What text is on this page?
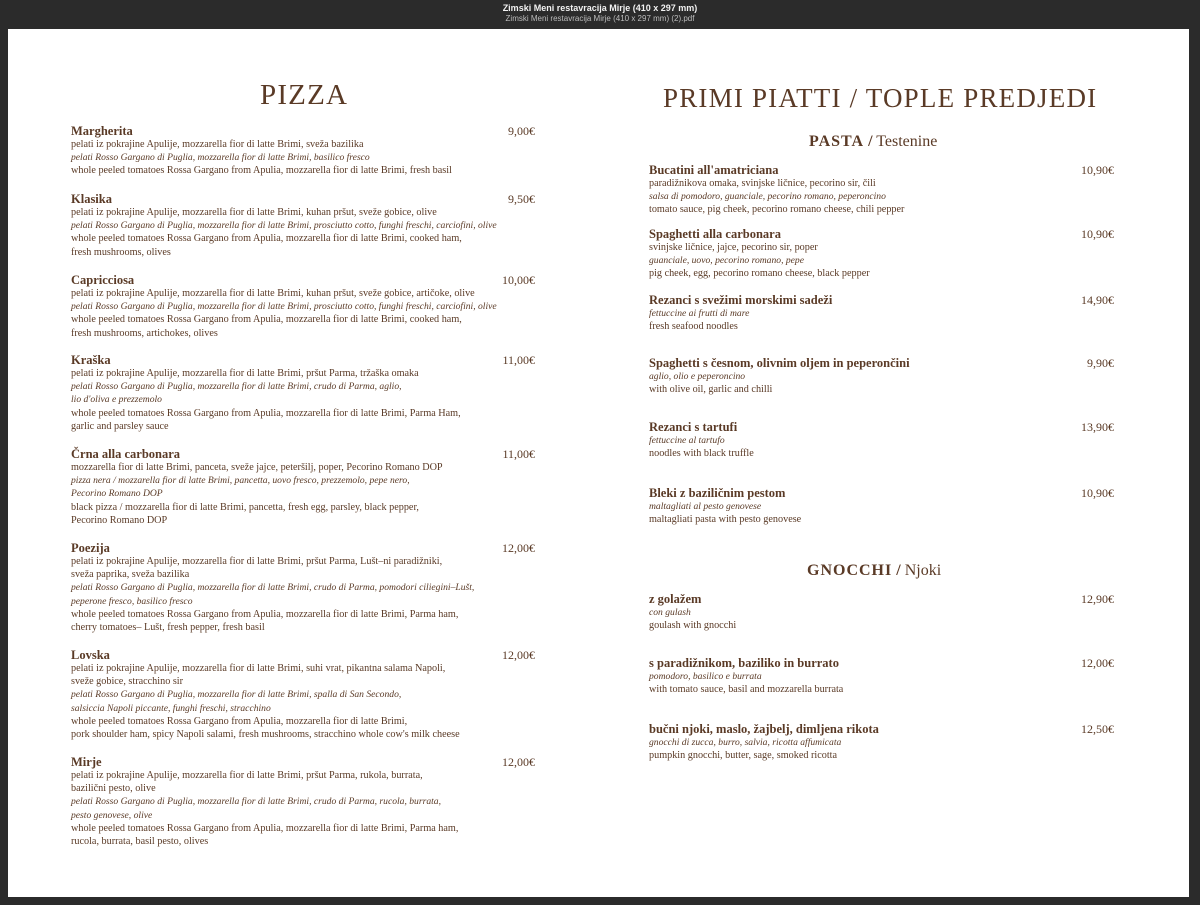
Zimski Meni restavracija Mirje (410 x 297 mm)
Zimski Meni restavracija Mirje (410 x 297 mm) (2).pdf
PIZZA	PRIMI PIATTI / TOPLE PREDJEDI
PASTA / Testenine
GNOCCHI / Njoki
Margherita	9,00€
pelati iz pokrajine Apulije, mozzarella fior di latte Brimi, sveža bazilika
pelati Rosso Gargano di Puglia, mozzarella fior di latte Brimi, basilico fresco
whole peeled tomatoes Rossa Gargano from Apulia, mozzarella fior di latte Brimi, fresh basil
Klasika	9,50€
pelati iz pokrajine Apulije, mozzarella fior di latte Brimi, kuhan pršut, sveže gobice, olive
pelati Rosso Gargano di Puglia, mozzarella fior di latte Brimi, prosciutto cotto, funghi freschi, carciofini, olive
whole peeled tomatoes Rossa Gargano from Apulia, mozzarella fior di latte Brimi, cooked ham,
fresh mushrooms, olives
Capricciosa	10,00€
pelati iz pokrajine Apulije, mozzarella fior di latte Brimi, kuhan pršut, sveže gobice, artičoke, olive
pelati Rosso Gargano di Puglia, mozzarella fior di latte Brimi, prosciutto cotto, funghi freschi, carciofini, olive
whole peeled tomatoes Rossa Gargano from Apulia, mozzarella fior di latte Brimi, cooked ham,
fresh mushrooms, artichokes, olives
Kraška	11,00€
pelati iz pokrajine Apulije, mozzarella fior di latte Brimi, pršut Parma, tržaška omaka
pelati Rosso Gargano di Puglia, mozzarella fior di latte Brimi, crudo di Parma, aglio,
lio d'oliva e prezzemolo
whole peeled tomatoes Rossa Gargano from Apulia, mozzarella fior di latte Brimi, Parma Ham,
garlic and parsley sauce
Črna alla carbonara	11,00€
mozzarella fior di latte Brimi, panceta, sveže jajce, peteršilj, poper, Pecorino Romano DOP
pizza nera / mozzarella fior di latte Brimi, pancetta, uovo fresco, prezzemolo, pepe nero,
Pecorino Romano DOP
black pizza / mozzarella fior di latte Brimi, pancetta, fresh egg, parsley, black pepper,
Pecorino Romano DOP
Poezija	12,00€
pelati iz pokrajine Apulije, mozzarella fior di latte Brimi, pršut Parma, Lušt–ni paradižniki,
sveža paprika, sveža bazilika
pelati Rosso Gargano di Puglia, mozzarella fior di latte Brimi, crudo di Parma, pomodori ciliegini–Lušt,
peperone fresco, basilico fresco
whole peeled tomatoes Rossa Gargano from Apulia, mozzarella fior di latte Brimi, Parma ham,
cherry tomatoes– Lušt, fresh pepper, fresh basil
Lovska	12,00€
pelati iz pokrajine Apulije, mozzarella fior di latte Brimi, suhi vrat, pikantna salama Napoli,
sveže gobice, stracchino sir
pelati Rosso Gargano di Puglia, mozzarella fior di latte Brimi, spalla di San Secondo,
salsiccia Napoli piccante, funghi freschi, stracchino
whole peeled tomatoes Rossa Gargano from Apulia, mozzarella fior di latte Brimi,
pork shoulder ham, spicy Napoli salami, fresh mushrooms, stracchino whole cow's milk cheese
Mirje	12,00€
pelati iz pokrajine Apulije, mozzarella fior di latte Brimi, pršut Parma, rukola, burrata,
bazilični pesto, olive
pelati Rosso Gargano di Puglia, mozzarella fior di latte Brimi, crudo di Parma, rucola, burrata,
pesto genovese, olive
whole peeled tomatoes Rossa Gargano from Apulia, mozzarella fior di latte Brimi, Parma ham,
rucola, burrata, basil pesto, olives
Bucatini all'amatriciana	10,90€
paradižnikova omaka, svinjske ličnice, pecorino sir, čili
salsa di pomodoro, guanciale, pecorino romano, peperoncino
tomato sauce, pig cheek, pecorino romano cheese, chili pepper
Spaghetti alla carbonara	10,90€
svinjske ličnice, jajce, pecorino sir, poper
guanciale, uovo, pecorino romano, pepe
pig cheek, egg, pecorino romano cheese, black pepper
Rezanci s svežimi morskimi sadeži	14,90€
fettuccine ai frutti di mare
fresh seafood noodles
Spaghetti s česnom, olivnim oljem in peperončini	9,90€
aglio, olio e peperoncino
with olive oil, garlic and chilli
Rezanci s tartufi	13,90€
fettuccine al tartufo
noodles with black truffle
Bleki z baziličnim pestom	10,90€
maltagliati al pesto genovese
maltagliati pasta with pesto genovese
z golažem	12,90€
con gulash
goulash with gnocchi
s paradižnikom, baziliko in burrato	12,00€
pomodoro, basilico e burrata
with tomato sauce, basil and mozzarella burrata
bučni njoki, maslo, žajbelj, dimljena rikota	12,50€
gnocchi di zucca, burro, salvia, ricotta affumicata
pumpkin gnocchi, butter, sage, smoked ricotta
